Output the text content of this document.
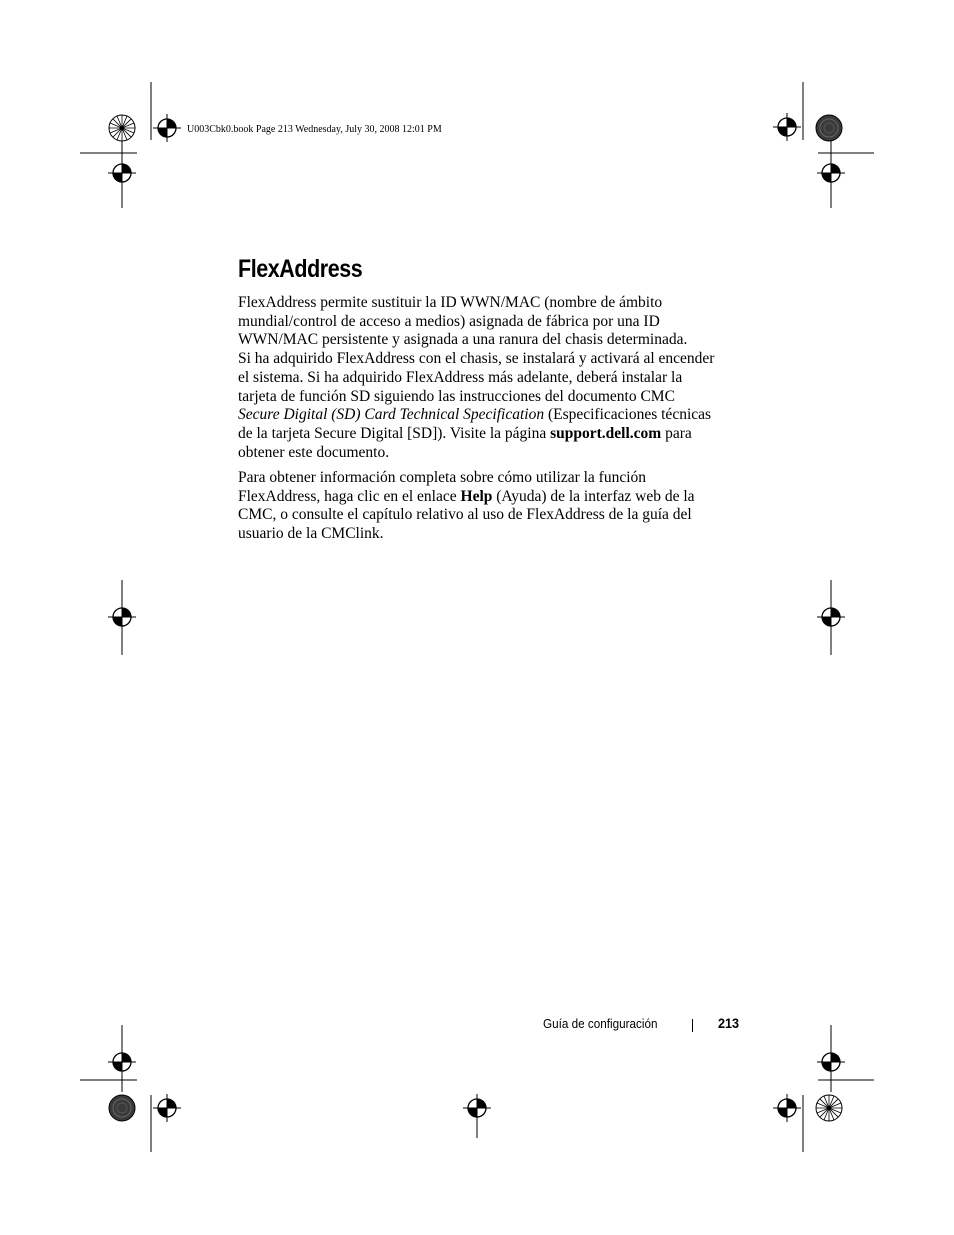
U003Cbk0.book Page 213 Wednesday, July 30, 2008 12:01 PM
FlexAddress

FlexAddress permite sustituir la ID WWN/MAC (nombre de ámbito
mundial/control de acceso a medios) asignada de fábrica por una ID
WWN/MAC persistente y asignada a una ranura del chasis determinada.
Si ha adquirido FlexAddress con el chasis, se instalará y activará al encender
el sistema. Si ha adquirido FlexAddress más adelante, deberá instalar la
tarjeta de función SD siguiendo las instrucciones del documento CMC
Secure Digital (SD) Card Technical Specification (Especificaciones técnicas
de la tarjeta Secure Digital [SD]). Visite la página support.dell.com para
obtener este documento.

Para obtener información completa sobre cómo utilizar la función
FlexAddress, haga clic en el enlace Help (Ayuda) de la interfaz web de la
CMC, o consulte el capítulo relativo al uso de FlexAddress de la guía del
usuario de la CMClink.

Guía de configuración	213
